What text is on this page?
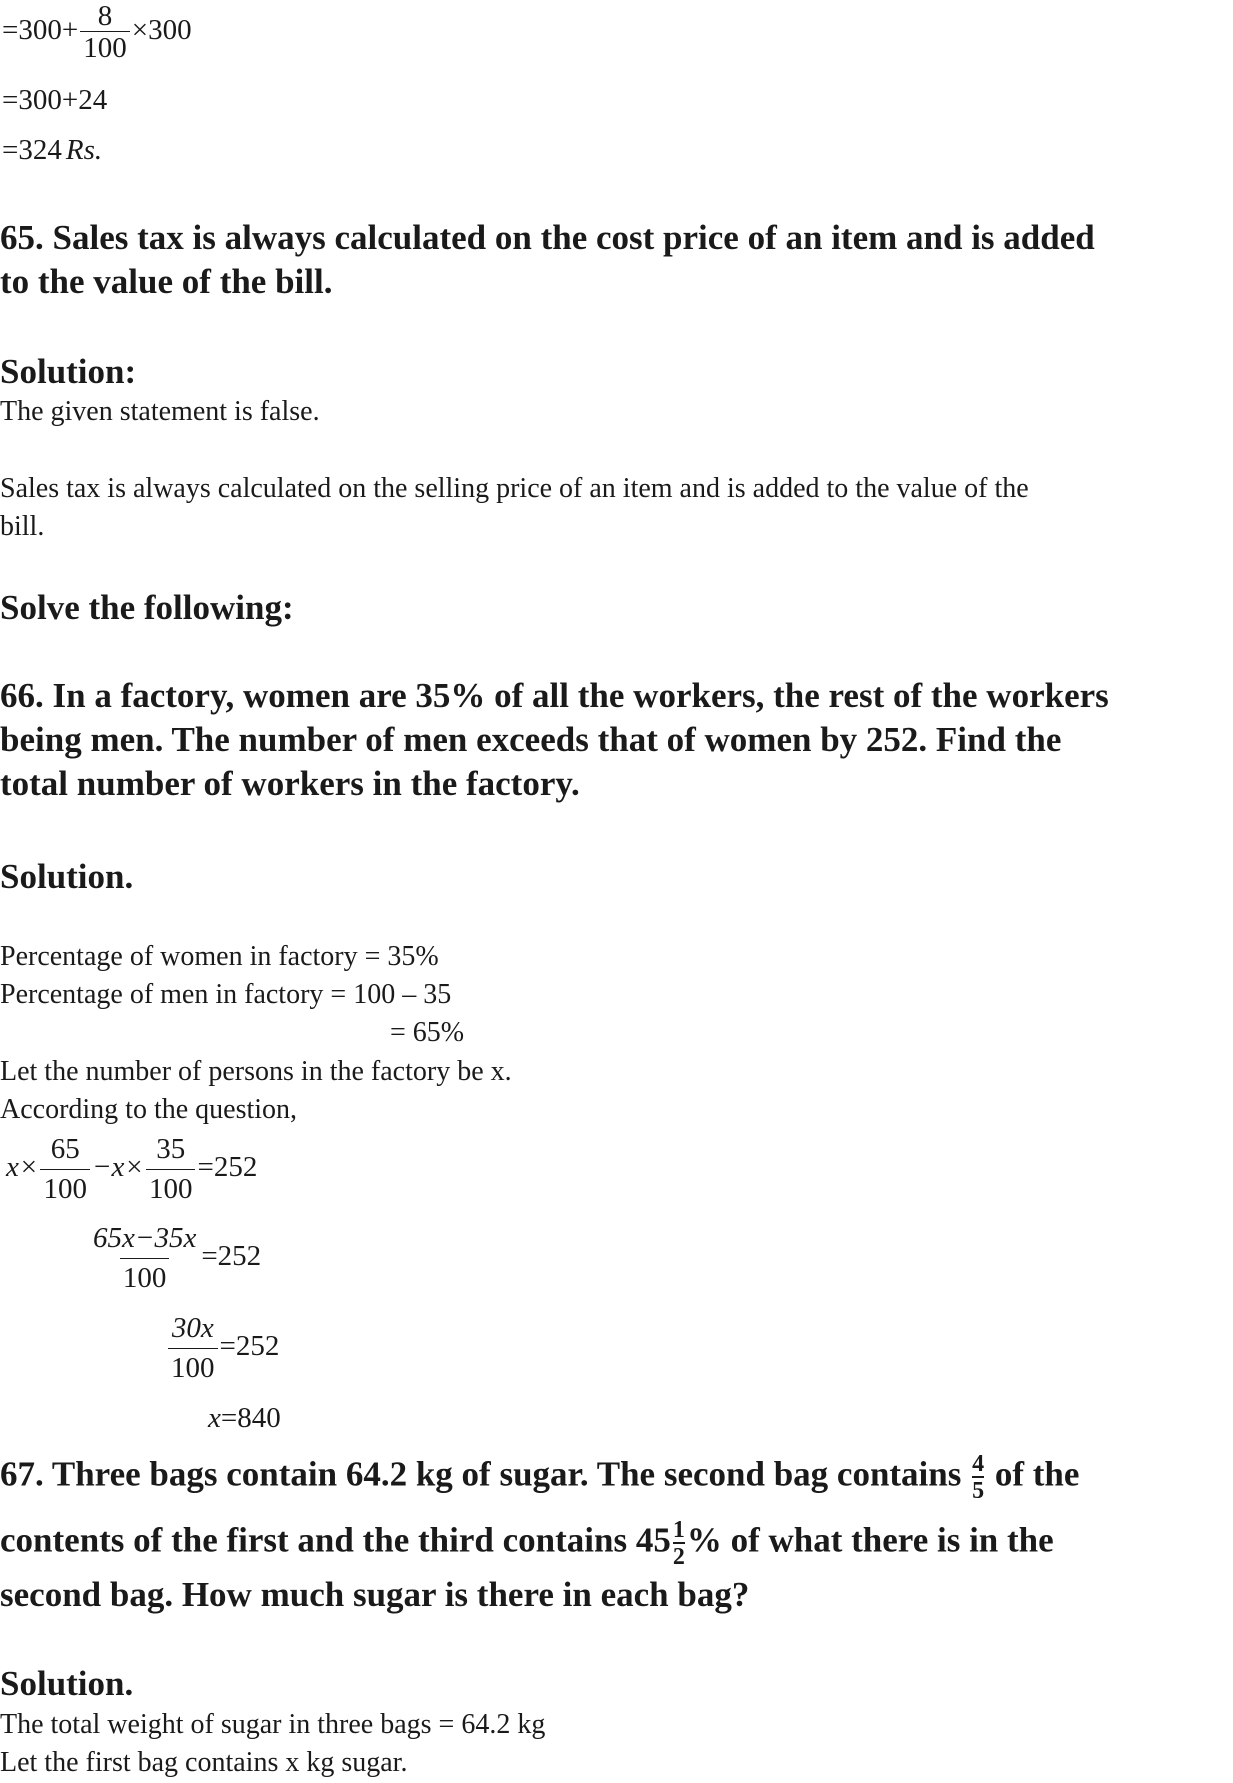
$=300+ \frac{8}{100} \times 300$
=300+24
=324 Rs.
65. Sales tax is always calculated on the cost price of an item and is added
to the value of the bill.
Solution:
The given statement is false.
Sales tax is always calculated on the selling price of an item and is added to the value of the
bill.
Solve the following:
66. In a factory, women are 35% of all the workers, the rest of the workers
being men. The number of men exceeds that of women by 252. Find the
total number of workers in the factory.
Solution.
Percentage of women in factory = 35%
Percentage of men in factory = 100 – 35
= 65%
Let the number of persons in the factory be x.
According to the question,
$x\times \frac{65}{100} -x\times \frac{35}{100} =252$
$\frac{65x-35x}{100} =252$
$\frac{30x}{100} =252$
x=840
67. Three bags contain 64.2 kg of sugar. The second bag contains $\frac{4}{5}$ of the
contents of the first and the third contains $45 \frac{1}{2}$ % of what there is in the
second bag. How much sugar is there in each bag?
Solution.
The total weight of sugar in three bags = 64.2 kg
Let the first bag contains x kg sugar.
